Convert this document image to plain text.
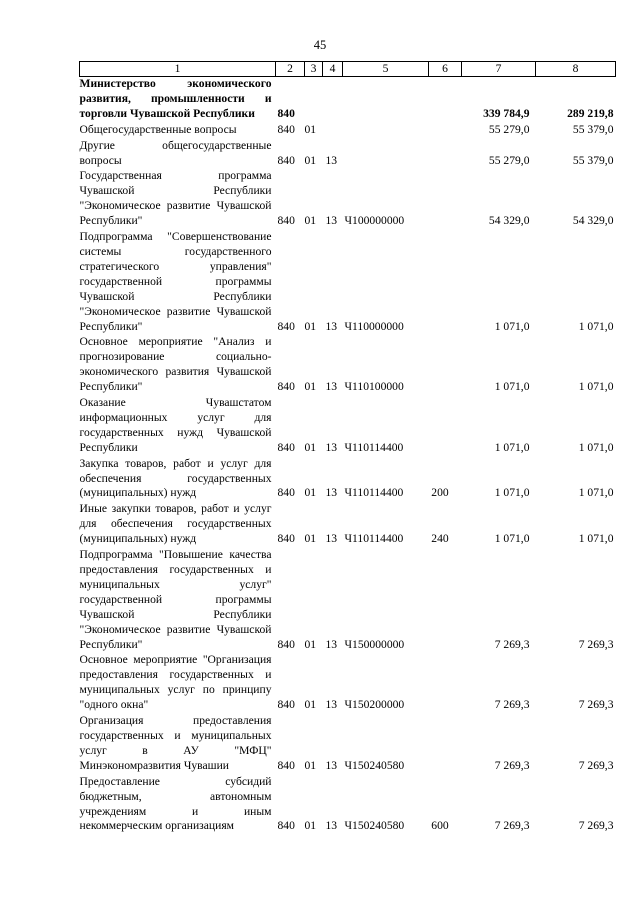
45
1	2	3	4	5	6	7	8
Министерство экономического развития, промышленности и торговли Чувашской Республики	840					339 784,9	289 219,8
Общегосударственные вопросы	840	01				55 279,0	55 379,0
Другие общегосударственные вопросы	840	01	13			55 279,0	55 379,0
Государственная программа Чувашской Республики "Экономическое развитие Чувашской Республики"	840	01	13	Ч100000000		54 329,0	54 329,0
Подпрограмма "Совершенствование системы государственного стратегического управления" государственной программы Чувашской Республики "Экономическое развитие Чувашской Республики"	840	01	13	Ч110000000		1 071,0	1 071,0
Основное мероприятие "Анализ и прогнозирование социально-экономического развития Чувашской Республики"	840	01	13	Ч110100000		1 071,0	1 071,0
Оказание Чувашстатом информационных услуг для государственных нужд Чувашской Республики	840	01	13	Ч110114400		1 071,0	1 071,0
Закупка товаров, работ и услуг для обеспечения государственных (муниципальных) нужд	840	01	13	Ч110114400	200	1 071,0	1 071,0
Иные закупки товаров, работ и услуг для обеспечения государственных (муниципальных) нужд	840	01	13	Ч110114400	240	1 071,0	1 071,0
Подпрограмма "Повышение качества предоставления государственных и муниципальных услуг" государственной программы Чувашской Республики "Экономическое развитие Чувашской Республики"	840	01	13	Ч150000000		7 269,3	7 269,3
Основное мероприятие "Организация предоставления государственных и муниципальных услуг по принципу "одного окна"	840	01	13	Ч150200000		7 269,3	7 269,3
Организация предоставления государственных и муниципальных услуг в АУ "МФЦ" Минэкономразвития Чувашии	840	01	13	Ч150240580		7 269,3	7 269,3
Предоставление субсидий бюджетным, автономным учреждениям и иным некоммерческим организациям	840	01	13	Ч150240580	600	7 269,3	7 269,3
